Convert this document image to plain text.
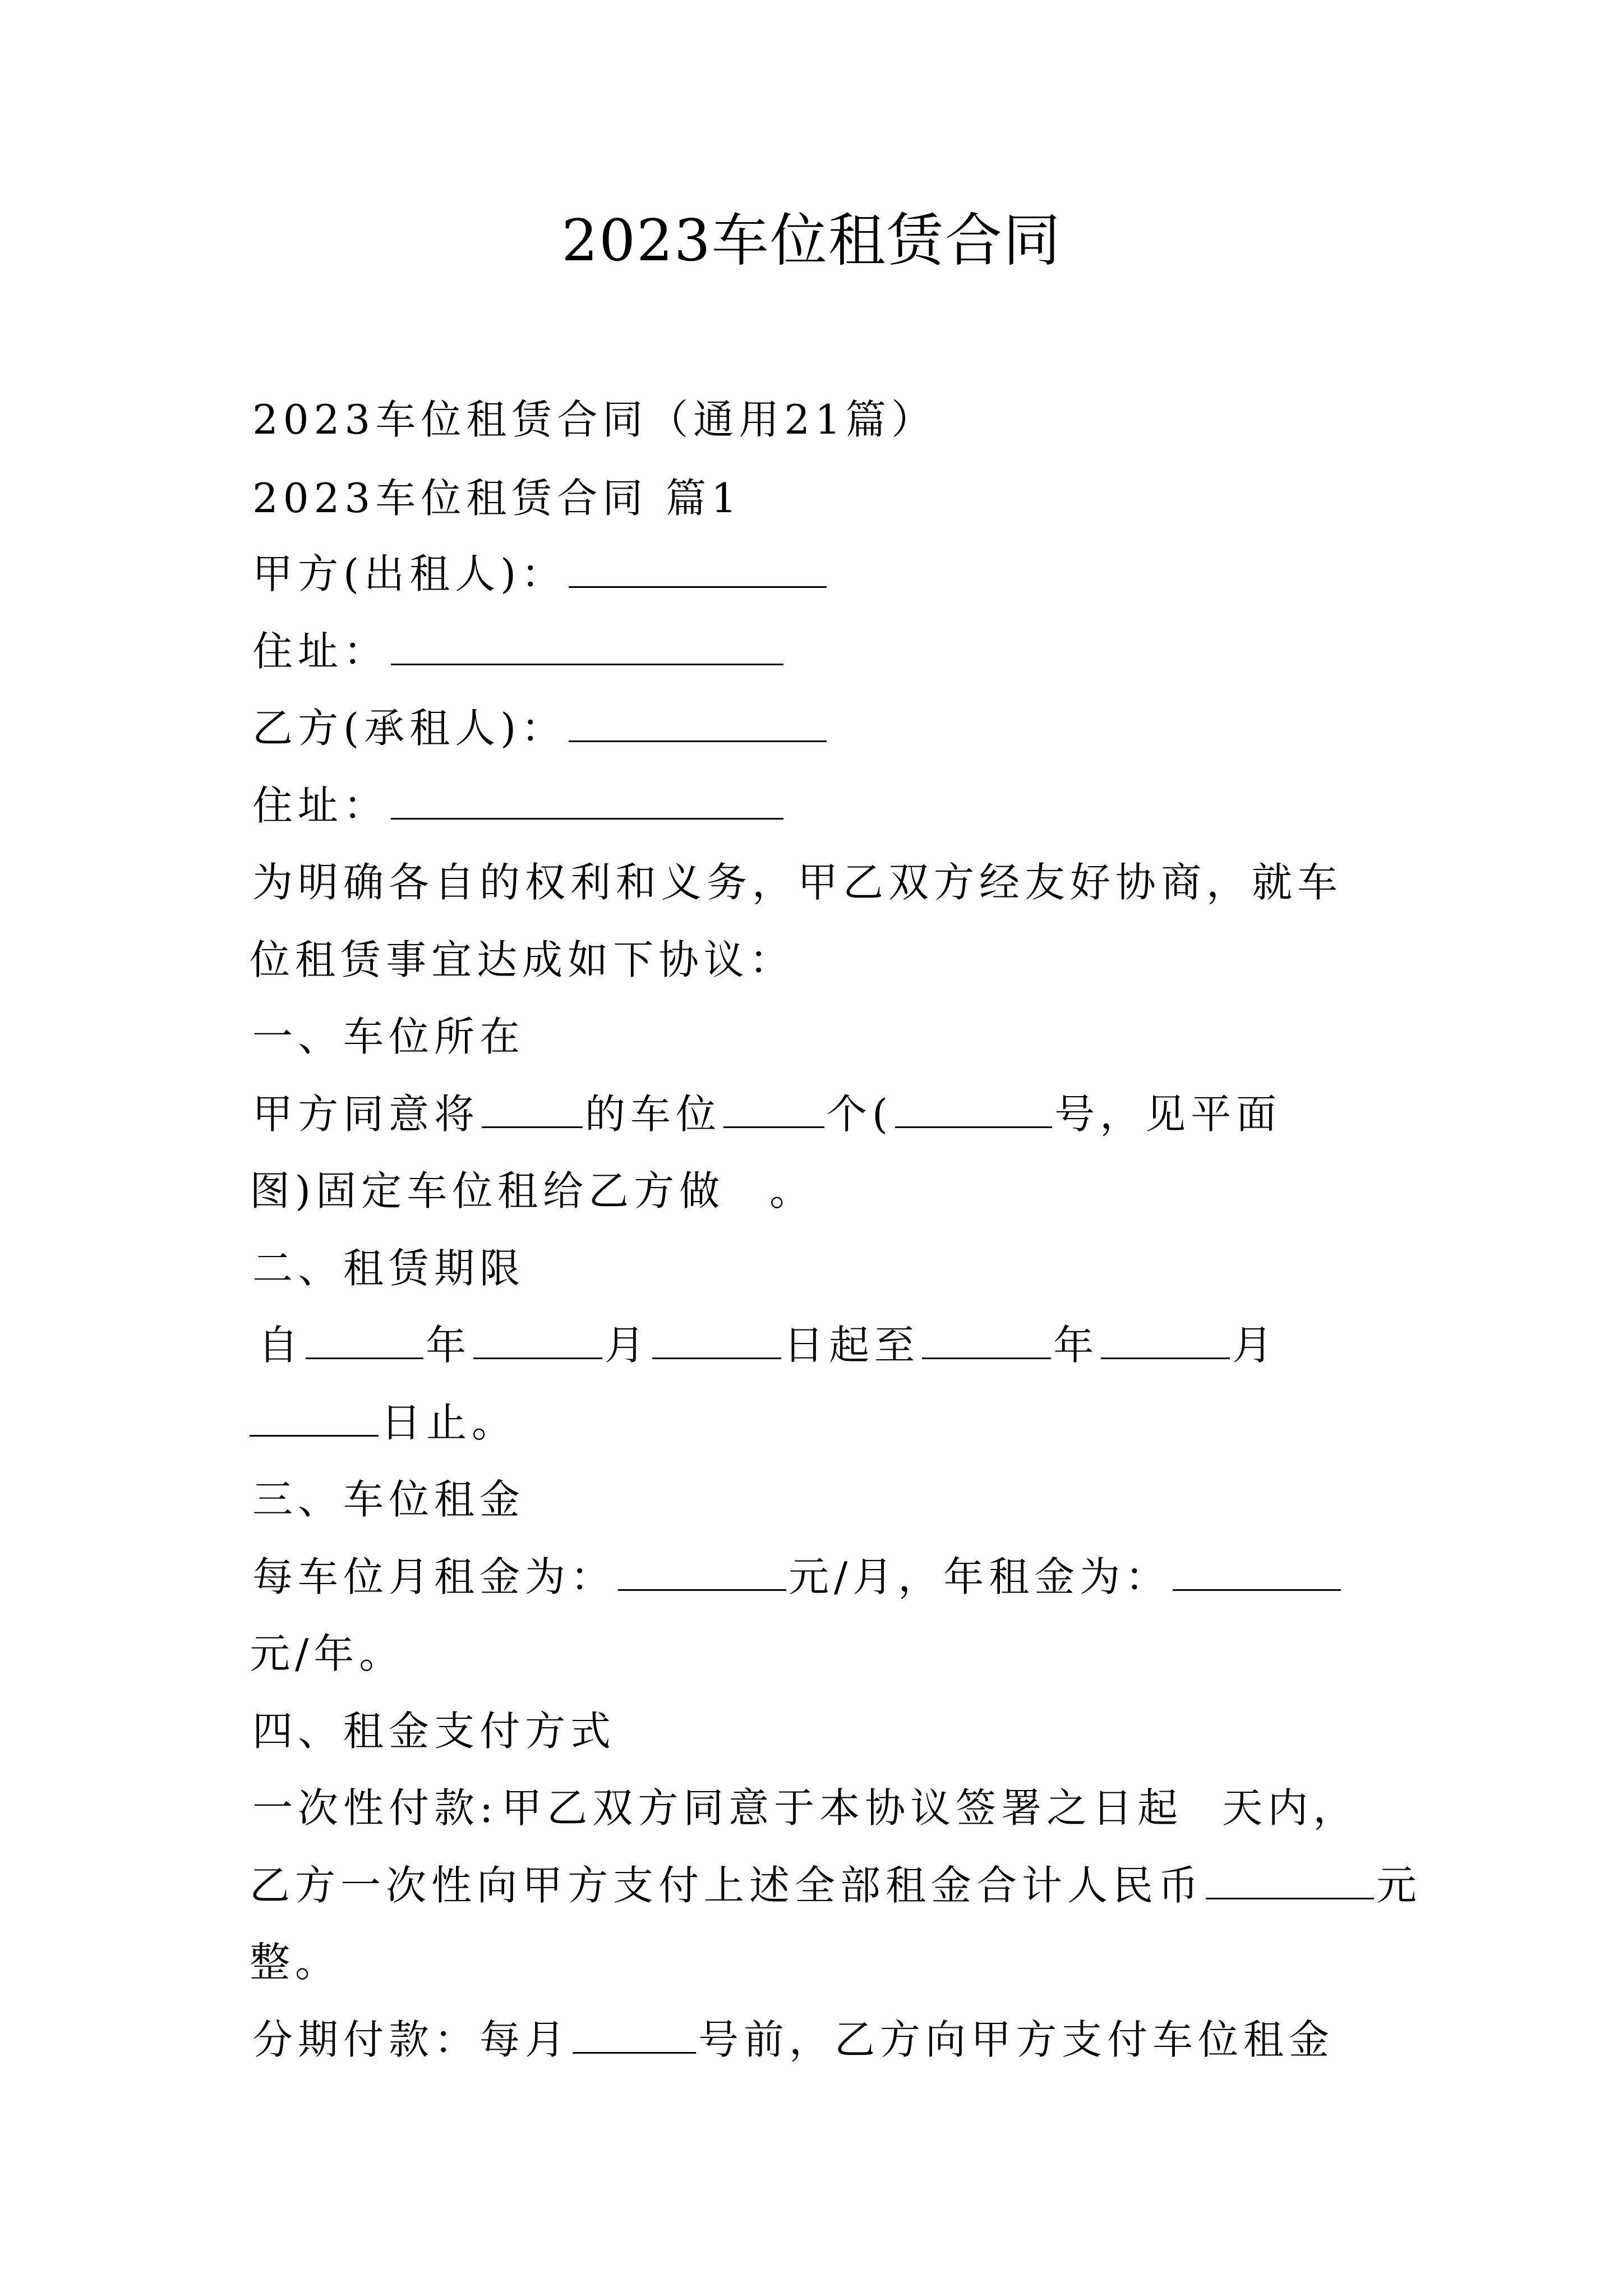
2023车位租赁合同
2023车位租赁合同（通用21篇）
2023车位租赁合同 篇1
甲方(出租人)：
住址：
乙方(承租人)：
住址：
为明确各自的权利和义务，甲乙双方经友好协商，就车
位租赁事宜达成如下协议：
一、车位所在
甲方同意将	的车位	个(	号，见平面
图)固定车位租给乙方做 。
二、租赁期限
自	年	月	日起至	年	月
日止。
三、车位租金
每车位月租金为：	元/月，年租金为：
元/年。
四、租金支付方式
一次性付款:甲乙双方同意于本协议签署之日起 天内，
乙方一次性向甲方支付上述全部租金合计人民币	元
整。
分期付款：每月	号前，乙方向甲方支付车位租金
